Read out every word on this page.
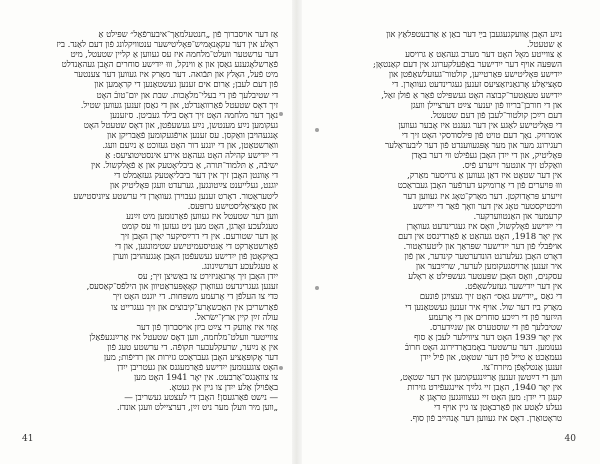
אַז דער אויסברוך פֿון „חנטעלמאַך־איבערפֿאַל״ שפּילט אַ

ראָלע אין דער עקאָנאָמיש־פּאָליטישער ענטוויקלונג פֿון דעם לאַנד. ביז

דער ערשטער וועלט־מלחמה איז עס געווען אַ קליין שטעטל, מיט

פֿאַרשלאָגענע גאַסן און אַ ווינקל, וווּ ייִדישע סוחרים האָבן געהאַנדלט

מיט פֿעל, האָלץ און תּבֿואה. דער מאַרק איז געווען דער צענטער

פֿון דעם לעבן; אַרום אים זענען געשטאַנען די קראָמען און

די שטיבלעך פֿון די בעלי־מלאָכות. שבת און יום־טובֿ האָט

זיך דאָס שטעטל פֿאַרוואַנדלט, און די גאַסן זענען געווען שטיל.

נאָך דער מלחמה האָט זיך דאָס בילד געביטן. ס׳זענען

געקומען נײַע מענטשן, נײַע געשעפֿטן, און דאָס שטעטל האָט

אָנגעהויבן וואַקסן. עס זענען אויפֿגעקומען פֿאַבריקן און

וואַרשטאַטן, און די יונגע דור האָט געזוכט אַ נײַעם וועג.

די ייִדישע קהילה האָט געהאַט אירע אינסטיטוציעס: אַ

ישיבֿה, אַ תּלמוד־תּורה, אַ ביבליאָטעק און אַ פֿאָלקשול. אין

די אָוונטן האָבן זיך אין דער ביבליאָטעק געזאַמלט די

יוגנט, געלייענט צײַטונגען, גערעדט וועגן פּאָליטיק און

ליטעראַטור. דאָרט זענען געבוירן געוואָרן די ערשטע ציוניסטישע

און סאָציאַליסטישע גרופּעס.

ווען דער שטעטל איז געווען פֿאַרנומען מיט זײַנע

טעגלעכע זאָרגן, האָט מען ניט געזען ווי עס קומט

אָן דער שטורעם. אין די דרײַסיקער יאָרן האָבן זיך

פֿאַרשטאַרקט די אַנטיסעמיטישע שטימונגען, און די

באָיקאָטן פֿון ייִדישע געשעפֿטן האָבן אָנגעהויבן ווערן

אַ טעגלעכע דערשײַנונג.

ייִדן האָבן זיך אָרגאַניזירט צו באַשיצן זיך; עס

זענען געגרינדעט געוואָרן קאָאָפּעראַטיוון און הילפֿס־קאַסעס,

כּדי צו העלפֿן די אָרעמע משפּחות. די יוגנט האָט זיך

פֿאַרשריבן אין האַכשאָרע־קיבוצים און זיך געגרייט צו

עולה זײַן קיין ארץ־ישׂראל.

אַזוי איז אַוועק די צײַט ביזן אויסברוך פֿון דער

צווייטער וועלט־מלחמה, ווען דאָס שטעטל איז אַרײַנגעפֿאַלן

אין אַ נײַער, שרעקלעכער תּקופֿה. די ערשטע טעג פֿון

דער אָקופּאַציע האָבן געבראַכט גזירות און רדיפֿות; מען

האָט צוגענומען ייִדישע פֿאַרמעגנס און געטריבן ייִדן

צו צוואַנגס־אַרבעט. אין יאָר 1941 האָט מען

באַפֿוילן אַלע ייִדן צו גיין אין געטאָ.

— נישט פֿאַרגעסן! האָבן די לעצטע געשריבן —

„ווען מיר וועלן מער ניט זײַן, דערציילט וועגן אונדז.

נײַע האָבן אַוועקגעגעבן בײַ דער באַן אַ אַרבעטפּלאַץ און

אַ שטעטל.

אַ צווייטע מאָל האָט דער מערב געהאַט אַ גרויסע

השפּעה אויף דער ייִדישער באַפֿעלקערונג אין דעם קאַנטאָן;

ייִדישע פּאָליטישע פּאַרטייען, קולטור־געזעלשאַפֿטן און

סאָציאַלע אָרגאַניזאַציעס זענען געגרינדעט געוואָרן. די

ייִדישע טעאַטער־קבוצה האָט געשפּילט פֿאַר אַ פֿולן זאַל,

און די חורבן־בריוו פֿון יענער צײַט דערציילן וועגן

דעם רײַכן קולטור־לעבן פֿון דעם שטעטל.

די פּאָליטישע לאַגע אין דער געגנט איז אָבער געווען

אומרויִק. נאָך דעם טויט פֿון פּילסודסקי האָט זיך די

רעגירונג מער און מער אָפּגעווענדט פֿון דער ליבעראַלער

פּאָליטיק, און די ייִדן האָבן געפֿילט ווי דער באָדן

וואַקלט זיך אונטער זייערע פֿיס.

אין דער שטאָט איז דאַן געווען אַ גרויסער מאַרק,

וווּ פּויערים פֿון די אַרומיקע דערפֿער האָבן געבראַכט

זייערע פּראָדוקטן. דער מאַרק־טאָג איז געווען דער

וויכטיקסטער טאָג אין דער וואָך פֿאַר די ייִדישע

קרעמער און האַנטווערקער.

די ייִדישע פֿאָלקשול, וואָס איז געגרינדעט געוואָרן

אין יאָר 1918, האָט געהאַט אַ פֿאַרדינסט אין דעם

אויפֿבלי פֿון דער ייִדישער שפּראַך און ליטעראַטור.

דאָרט האָבן געלערנט הונדערטער קינדער, און פֿון

איר זענען אַרויסגעקומען לערער, שרײַבער און

עסקנים, וואָס האָבן שפּעטער געשפּילט אַ ראָלע

אין דער ייִדישער געזעלשאַפֿט.

די גאַס „ייִדישע גאַס״ האָט זיך געצויגן פֿונעם

מאַרק ביז דער שול. אויף איר זענען געשטאַנען די

הײַזער פֿון די רײַכע סוחרים און די אָרעמע

שטיבלעך פֿון די שוסטערס און שנײַדערס.

אין יאָר 1939 האָט דער ציווילער לעבן אַ סוף

גענומען. דער ערשטער באָמבאַרדירונג האָט חרובֿ

געמאַכט אַ טייל פֿון דער שטאָט, און פֿיל ייִדן

זענען אַנטלאָפֿן מיזרח־צו.

ווען די דײַטשן זענען אַרײַנגעקומען אין דער שטאָט,

אין יאָר 1940, האָבן זיי גלײַך איינגעפֿירט גזירות

קעגן די ייִדן: מען האָט זיי געצוווּנגען טראָגן אַ

געלע לאַטע און פֿאַרבאָטן צו גיין אויף די

טראָטואַרן. דאָס איז געווען דער אָנהייב פֿון סוף.

41	40
